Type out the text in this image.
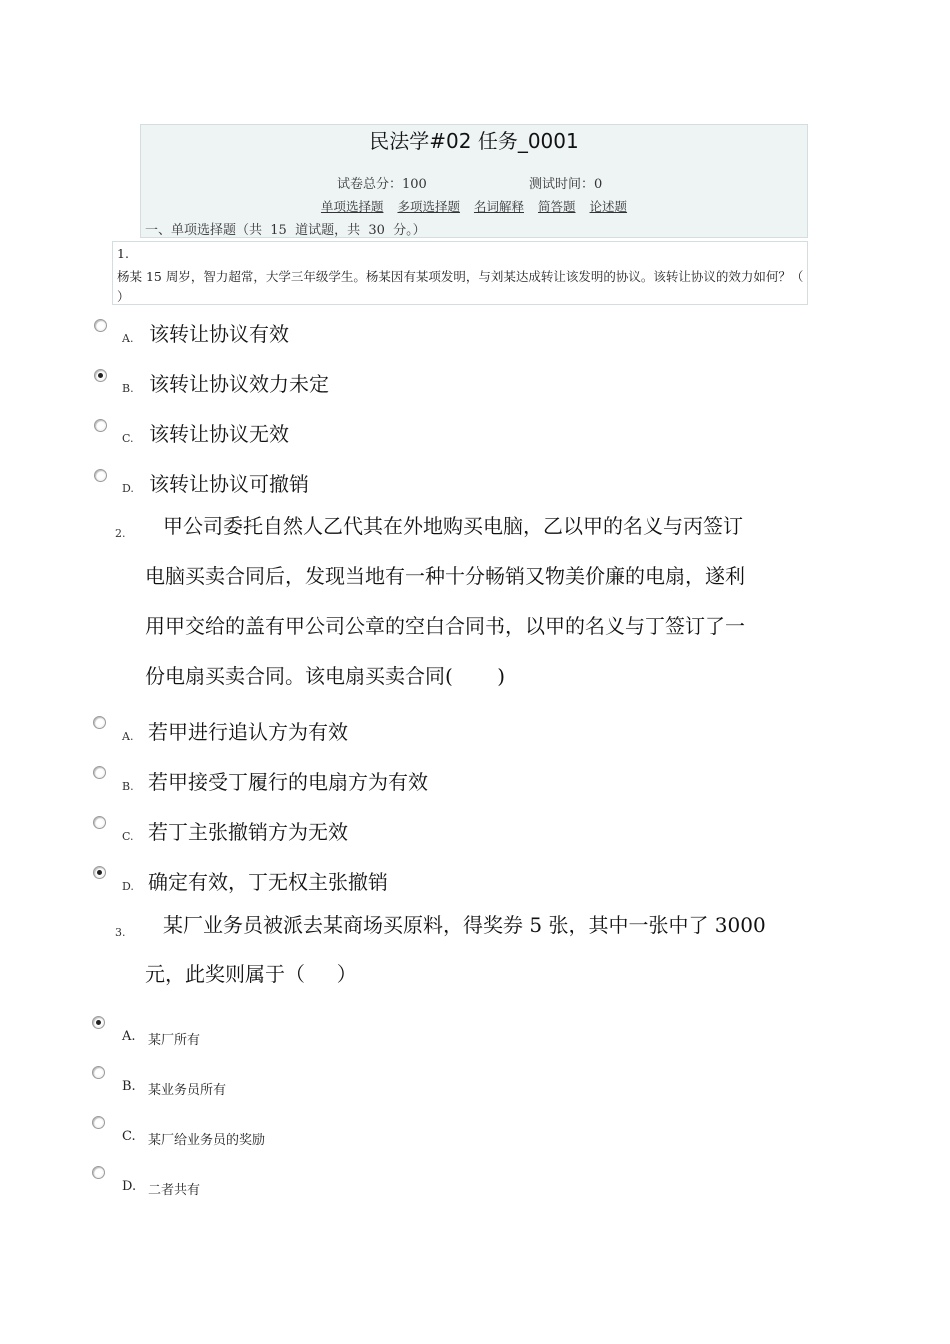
民法学#02 任务_0001
试卷总分：100	测试时间：0
单项选择题 多项选择题 名词解释 简答题 论述题
一、单项选择题（共  15  道试题，共  30  分。）
1.
杨某 15 周岁，智力超常，大学三年级学生。杨某因有某项发明，与刘某达成转让该发明的协议。该转让协议的效力如何？（ ）
A. 该转让协议有效
B. 该转让协议效力未定
C. 该转让协议无效
D. 该转让协议可撤销
2. 甲公司委托自然人乙代其在外地购买电脑，乙以甲的名义与丙签订
电脑买卖合同后，发现当地有一种十分畅销又物美价廉的电扇，遂利
用甲交给的盖有甲公司公章的空白合同书，以甲的名义与丁签订了一
份电扇买卖合同。该电扇买卖合同(       )
A. 若甲进行追认方为有效
B. 若甲接受丁履行的电扇方为有效
C. 若丁主张撤销方为无效
D. 确定有效，丁无权主张撤销
3. 某厂业务员被派去某商场买原料，得奖券 5 张，其中一张中了 3000
元，此奖则属于（     ）
A. 某厂所有
B. 某业务员所有
C. 某厂给业务员的奖励
D. 二者共有
